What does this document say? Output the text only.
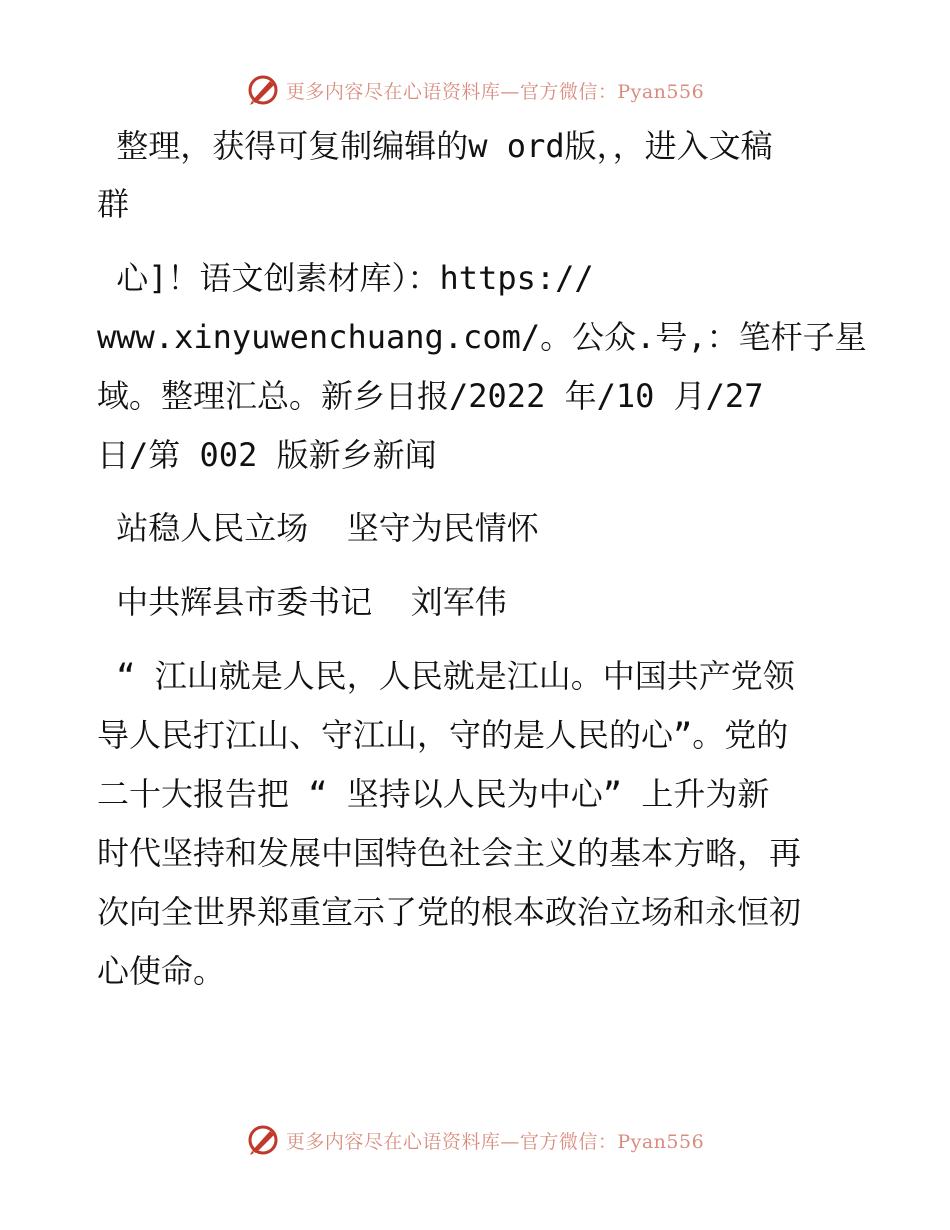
更多内容尽在心语资料库—官方微信：Pyan556
整理，获得可复制编辑的w ord版，，进入文稿
群
心]！语文创素材库）：https://
www.xinyuwenchuang.com/。公众.号,：笔杆子星
域。整理汇总。新乡日报/2022 年/10 月/27
日/第 002 版新乡新闻
站稳人民立场  坚守为民情怀
中共辉县市委书记  刘军伟
“ 江山就是人民，人民就是江山。中国共产党领
导人民打江山、守江山，守的是人民的心”。党的
二十大报告把 “ 坚持以人民为中心” 上升为新
时代坚持和发展中国特色社会主义的基本方略，再
次向全世界郑重宣示了党的根本政治立场和永恒初
心使命。
更多内容尽在心语资料库—官方微信：Pyan556
